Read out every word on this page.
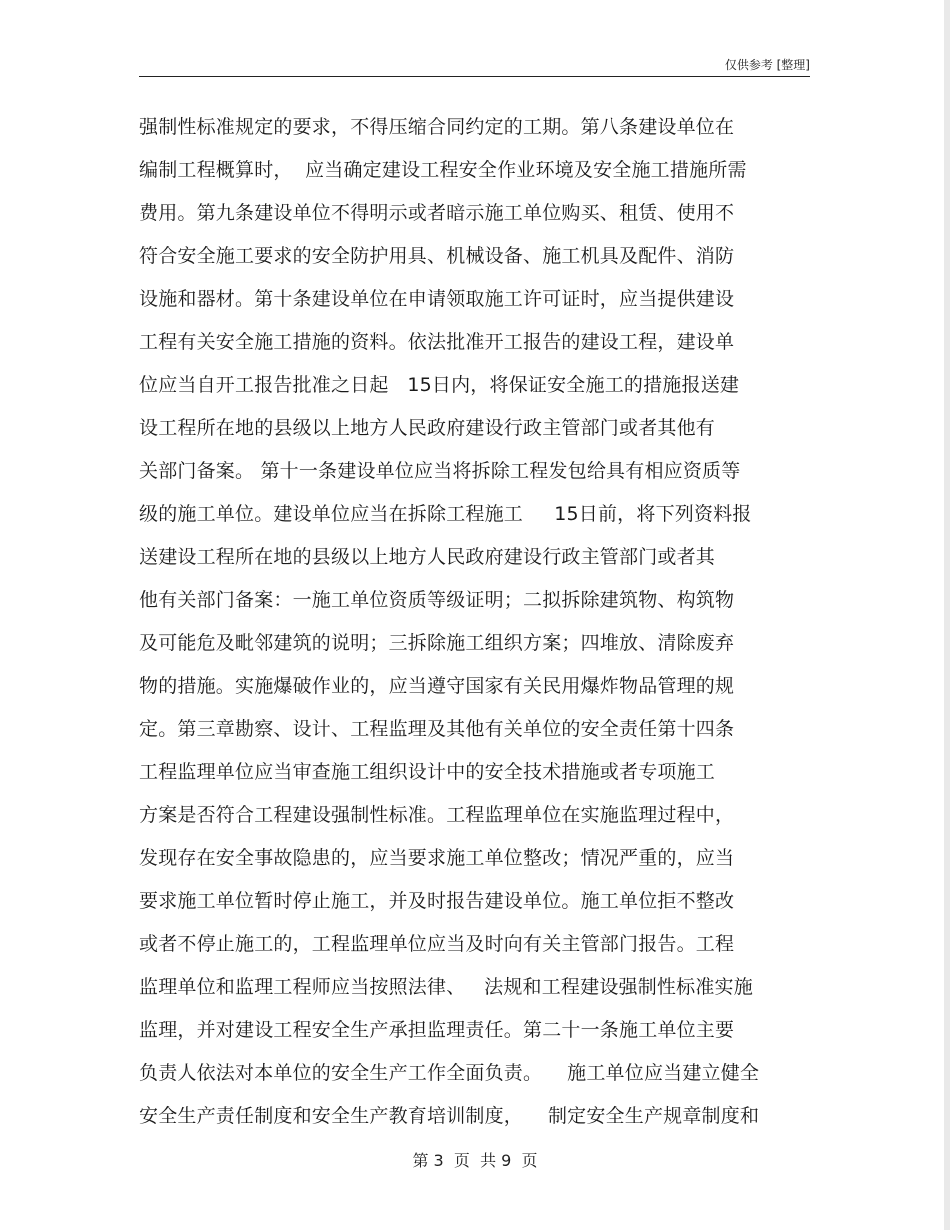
仅供参考 [整理]
强制性标准规定的要求，不得压缩合同约定的工期。第八条建设单位在
编制工程概算时，  应当确定建设工程安全作业环境及安全施工措施所需
费用。第九条建设单位不得明示或者暗示施工单位购买、租赁、使用不
符合安全施工要求的安全防护用具、机械设备、施工机具及配件、消防
设施和器材。第十条建设单位在申请领取施工许可证时，应当提供建设
工程有关安全施工措施的资料。依法批准开工报告的建设工程，建设单
位应当自开工报告批准之日起   15日内，将保证安全施工的措施报送建
设工程所在地的县级以上地方人民政府建设行政主管部门或者其他有
关部门备案。 第十一条建设单位应当将拆除工程发包给具有相应资质等
级的施工单位。建设单位应当在拆除工程施工     15日前，将下列资料报
送建设工程所在地的县级以上地方人民政府建设行政主管部门或者其
他有关部门备案：一施工单位资质等级证明；二拟拆除建筑物、构筑物
及可能危及毗邻建筑的说明；三拆除施工组织方案；四堆放、清除废弃
物的措施。实施爆破作业的，应当遵守国家有关民用爆炸物品管理的规
定。第三章勘察、设计、工程监理及其他有关单位的安全责任第十四条
工程监理单位应当审查施工组织设计中的安全技术措施或者专项施工
方案是否符合工程建设强制性标准。工程监理单位在实施监理过程中，
发现存在安全事故隐患的，应当要求施工单位整改；情况严重的，应当
要求施工单位暂时停止施工，并及时报告建设单位。施工单位拒不整改
或者不停止施工的，工程监理单位应当及时向有关主管部门报告。工程
监理单位和监理工程师应当按照法律、   法规和工程建设强制性标准实施
监理，并对建设工程安全生产承担监理责任。第二十一条施工单位主要
负责人依法对本单位的安全生产工作全面负责。    施工单位应当建立健全
安全生产责任制度和安全生产教育培训制度，    制定安全生产规章制度和
第 3  页  共 9  页
